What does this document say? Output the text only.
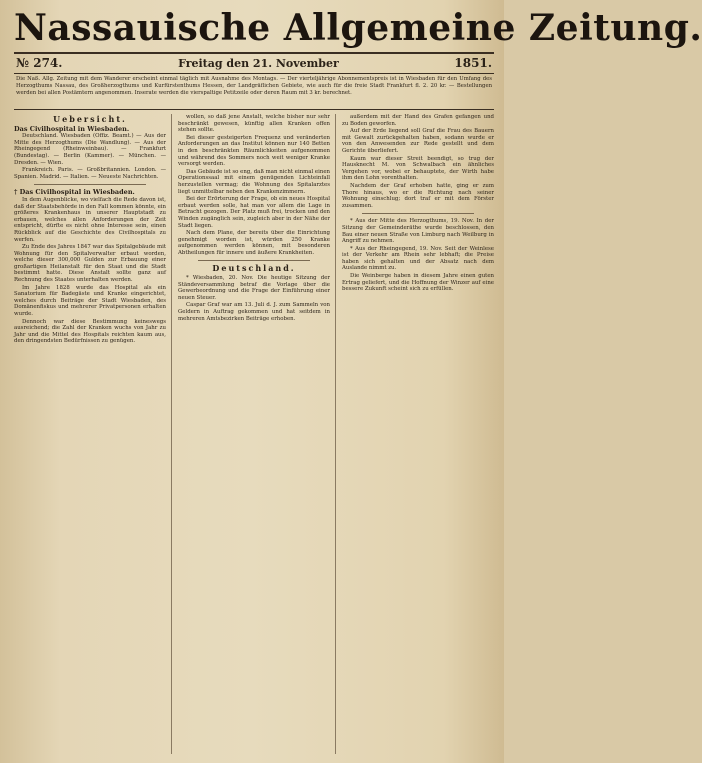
Nassauische Allgemeine Zeitung.
№ 274.	Freitag den 21. November	1851.
Die Naß. Allg. Zeitung mit dem Wanderer erscheint einmal täglich mit Ausnahme des Montags. — Der vierteljährige Abonnementspreis ist in Wiesbaden für den Umfang des Herzogthums Nassau, des Großherzogthums und Kurfürstenthums Hessen, der Landgräflichen Gebiete, wie auch für die freie Stadt Frankfurt fl. 2. 20 kr. — Bestellungen werden bei allen Postämtern angenommen. Inserate werden die vierspaltige Petitzeile oder deren Raum mit 3 kr. berechnet.
Uebersicht.

Das Civilhospital in Wiesbaden.

Deutschland. Wiesbaden (Offiz. Beamt.) — Aus der Mitte des Herzogthums (Die Wandlung). — Aus der Rheingegend (Rheinweinbau). — Frankfurt (Bundestag). — Berlin (Kammer). — München. — Dresden. — Wien.

Frankreich. Paris. — Großbritannien. London. — Spanien. Madrid. — Italien. — Neueste Nachrichten.

† Das Civilhospital in Wiesbaden.

In dem Augenblicke, wo vielfach die Rede davon ist, daß der Staatsbehörde in den Fall kommen könnte, ein größeres Krankenhaus in unserer Hauptstadt zu erbauen, welches allen Anforderungen der Zeit entspricht, dürfte es nicht ohne Interesse sein, einen Rückblick auf die Geschichte des Civilhospitals zu werfen.

Zu Ende des Jahres 1847 war das Spitalgebäude mit Wohnung für den Spitalverwalter erbaut worden, welche dieser 300,000 Gulden zur Erbauung einer großartigen Heilanstalt für den Staat und die Stadt bestimmt hatte. Diese Anstalt sollte ganz auf Rechnung des Staates unterhalten werden.

Im Jahre 1828 wurde das Hospital als ein Sanatorium für Badegäste und Kranke eingerichtet, welches durch Beiträge der Stadt Wiesbaden, des Domänenfiskus und mehrerer Privatpersonen erhalten wurde.

Dennoch war diese Bestimmung keineswegs ausreichend; die Zahl der Kranken wuchs von Jahr zu Jahr und die Mittel des Hospitals reichten kaum aus, den dringendsten Bedürfnissen zu genügen.

wollen, so daß jene Anstalt, welche bisher nur sehr beschränkt gewesen, künftig allen Kranken offen stehen sollte.

Bei dieser gesteigerten Frequenz und veränderten Anforderungen an das Institut können nur 140 Betten in den beschränkten Räumlichkeiten aufgenommen und während des Sommers noch weit weniger Kranke versorgt werden.

Das Gebäude ist so eng, daß man nicht einmal einen Operationssaal mit einem genügenden Lichteinfall herzustellen vermag; die Wohnung des Spitalarztes liegt unmittelbar neben den Krankenzimmern.

Bei der Erörterung der Frage, ob ein neues Hospital erbaut werden solle, hat man vor allem die Lage in Betracht gezogen. Der Platz muß frei, trocken und den Winden zugänglich sein, zugleich aber in der Nähe der Stadt liegen.

Nach dem Plane, der bereits über die Einrichtung genehmigt worden ist, würden 250 Kranke aufgenommen werden können, mit besonderen Abtheilungen für innere und äußere Krankheiten.

Deutschland.

* Wiesbaden, 20. Nov. Die heutige Sitzung der Ständeversammlung betraf die Vorlage über die Gewerbeordnung und die Frage der Einführung einer neuen Steuer.

Caspar Graf war am 13. Juli d. J. zum Sammeln von Geldern in Auftrag gekommen und hat seitdem in mehreren Amtsbezirken Beiträge erhoben.

außerdem mit der Hand des Grafen gefangen und zu Boden geworfen.

Auf der Erde liegend soll Graf die Frau des Bauern mit Gewalt zurückgehalten haben, sodann wurde er von den Anwesenden zur Rede gestellt und dem Gerichte überliefert.

Kaum war dieser Streit beendigt, so trug der Hausknecht M. von Schwalbach ein ähnliches Vergehen vor, wobei er behauptete, der Wirth habe ihm den Lohn vorenthalten.

Nachdem der Graf erhoben hatte, ging er zum Thore hinaus, wo er die Richtung nach seiner Wohnung einschlug; dort traf er mit dem Förster zusammen.

* Aus der Mitte des Herzogthums, 19. Nov. In der Sitzung der Gemeinderäthe wurde beschlossen, den Bau einer neuen Straße von Limburg nach Weilburg in Angriff zu nehmen.

* Aus der Rheingegend, 19. Nov. Seit der Weinlese ist der Verkehr am Rhein sehr lebhaft; die Preise haben sich gehalten und der Absatz nach dem Auslande nimmt zu.

Die Weinberge haben in diesem Jahre einen guten Ertrag geliefert, und die Hoffnung der Winzer auf eine bessere Zukunft scheint sich zu erfüllen.
